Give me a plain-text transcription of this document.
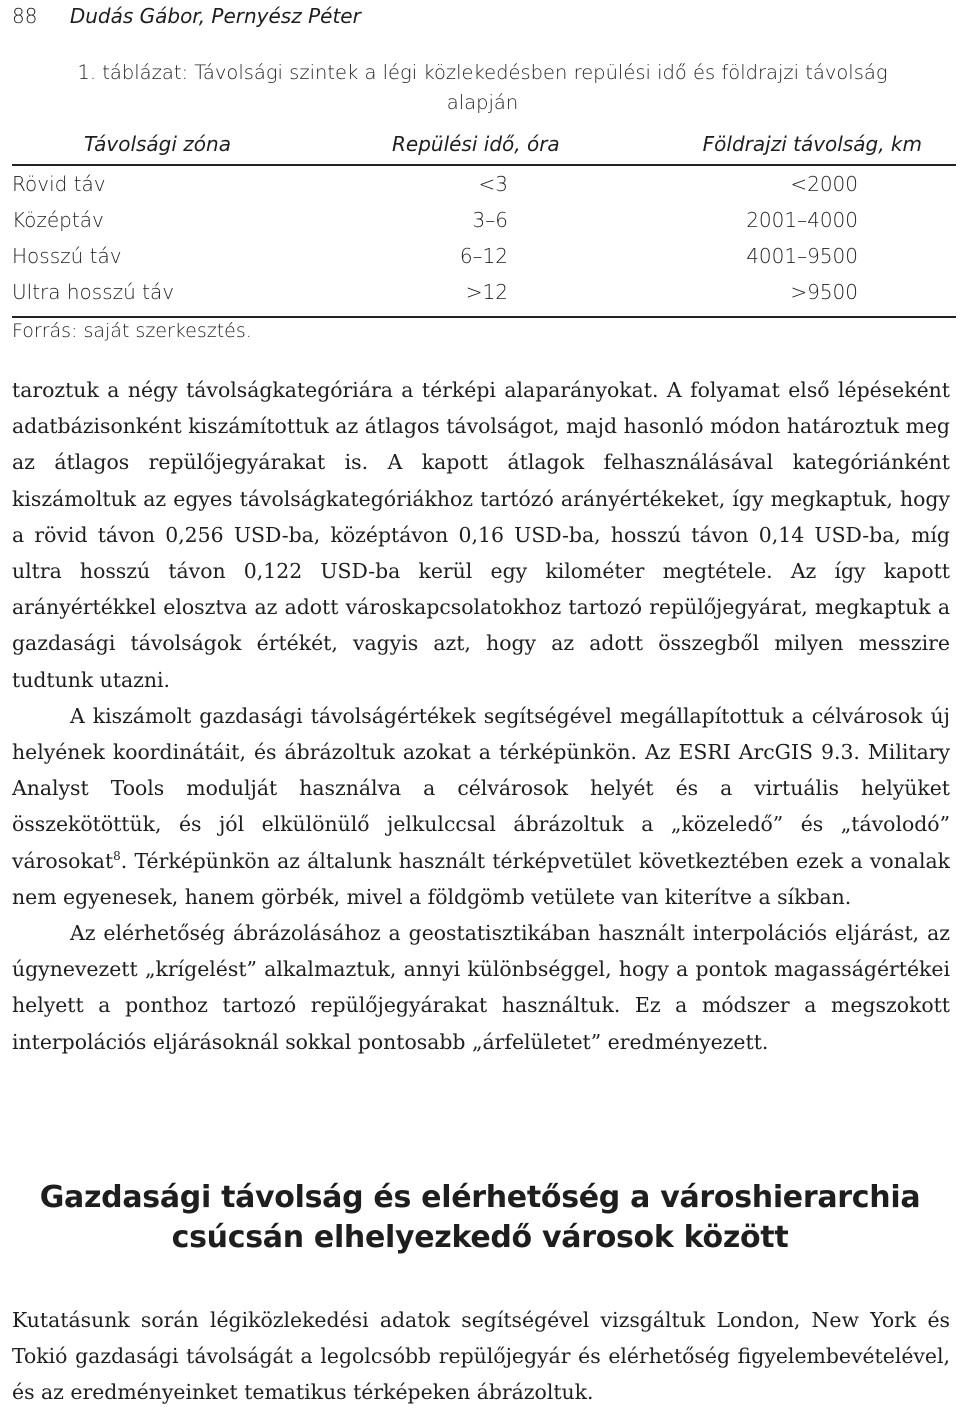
88 Dudás Gábor, Pernyész Péter
1. táblázat: Távolsági szintek a légi közlekedésben repülési idő és földrajzi távolság alapján
Távolsági zóna	Repülési idő, óra	Földrajzi távolság, km
Rövid táv	<3	<2000
Középtáv	3–6	2001–4000
Hosszú táv	6–12	4001–9500
Ultra hosszú táv	>12	>9500
Forrás: saját szerkesztés.

taroztuk a négy távolságkategóriára a térképi alaparányokat. A folyamat első lépéseként adatbázisonként kiszámítottuk az átlagos távolságot, majd hasonló módon határoztuk meg az átlagos repülőjegyárakat is. A kapott átlagok felhasználásával kategóriánként kiszámoltuk az egyes távolságkategóriákhoz tartózó arányértékeket, így megkaptuk, hogy a rövid távon 0,256 USD-ba, középtávon 0,16 USD-ba, hosszú távon 0,14 USD-ba, míg ultra hosszú távon 0,122 USD-ba kerül egy kilométer megtétele. Az így kapott arányértékkel elosztva az adott városkapcsolatokhoz tartozó repülőjegyárat, megkaptuk a gazdasági távolságok értékét, vagyis azt, hogy az adott összegből milyen messzire tudtunk utazni.

A kiszámolt gazdasági távolságértékek segítségével megállapítottuk a célvárosok új helyének koordinátáit, és ábrázoltuk azokat a térképünkön. Az ESRI ArcGIS 9.3. Military Analyst Tools modulját használva a célvárosok helyét és a virtuális helyüket összekötöttük, és jól elkülönülő jelkulccsal ábrázoltuk a „közeledő” és „távolodó” városokat$^8$. Térképünkön az általunk használt térképvetület következtében ezek a vonalak nem egyenesek, hanem görbék, mivel a földgömb vetülete van kiterítve a síkban.

Az elérhetőség ábrázolásához a geostatisztikában használt interpolációs eljárást, az úgynevezett „krígelést” alkalmaztuk, annyi különbséggel, hogy a pontok magasságértékei helyett a ponthoz tartozó repülőjegyárakat használtuk. Ez a módszer a megszokott interpolációs eljárásoknál sokkal pontosabb „árfelületet” eredményezett.

Gazdasági távolság és elérhetőség a városhierarchia
csúcsán elhelyezkedő városok között

Kutatásunk során légiközlekedési adatok segítségével vizsgáltuk London, New York és Tokió gazdasági távolságát a legolcsóbb repülőjegyár és elérhetőség figyelembevételével, és az eredményeinket tematikus térképeken ábrázoltuk.
